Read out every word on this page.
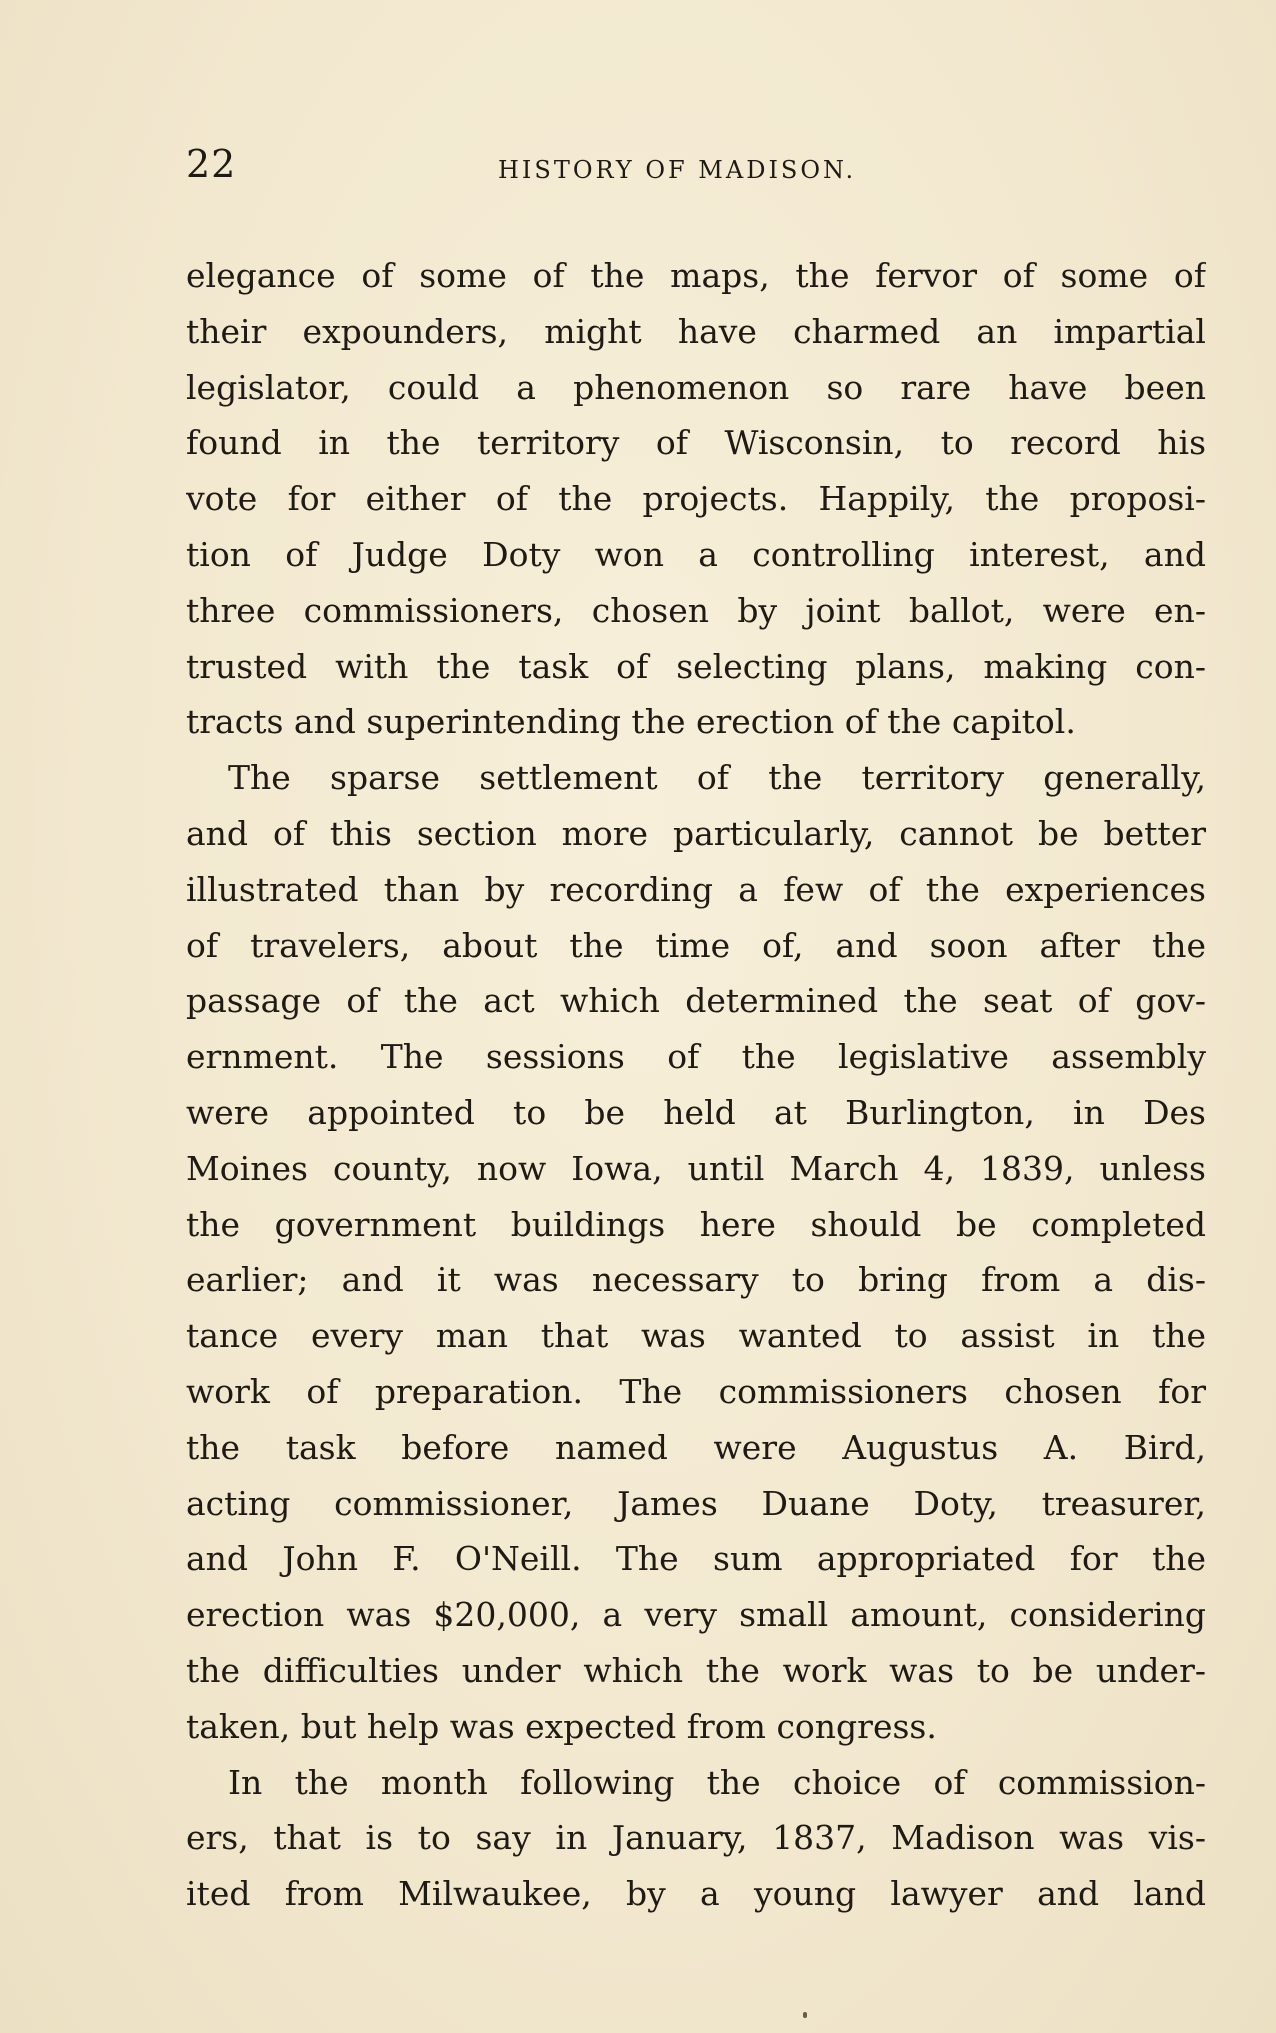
22	HISTORY OF MADISON.
elegance of some of the maps, the fervor of some of
their expounders, might have charmed an impartial
legislator, could a phenomenon so rare have been
found in the territory of Wisconsin, to record his
vote for either of the projects. Happily, the proposi-
tion of Judge Doty won a controlling interest, and
three commissioners, chosen by joint ballot, were en-
trusted with the task of selecting plans, making con-
tracts and superintending the erection of the capitol.
The sparse settlement of the territory generally,
and of this section more particularly, cannot be better
illustrated than by recording a few of the experiences
of travelers, about the time of, and soon after the
passage of the act which determined the seat of gov-
ernment. The sessions of the legislative assembly
were appointed to be held at Burlington, in Des
Moines county, now Iowa, until March 4, 1839, unless
the government buildings here should be completed
earlier; and it was necessary to bring from a dis-
tance every man that was wanted to assist in the
work of preparation. The commissioners chosen for
the task before named were Augustus A. Bird,
acting commissioner, James Duane Doty, treasurer,
and John F. O'Neill. The sum appropriated for the
erection was $20,000, a very small amount, considering
the difficulties under which the work was to be under-
taken, but help was expected from congress.
In the month following the choice of commission-
ers, that is to say in January, 1837, Madison was vis-
ited from Milwaukee, by a young lawyer and land
